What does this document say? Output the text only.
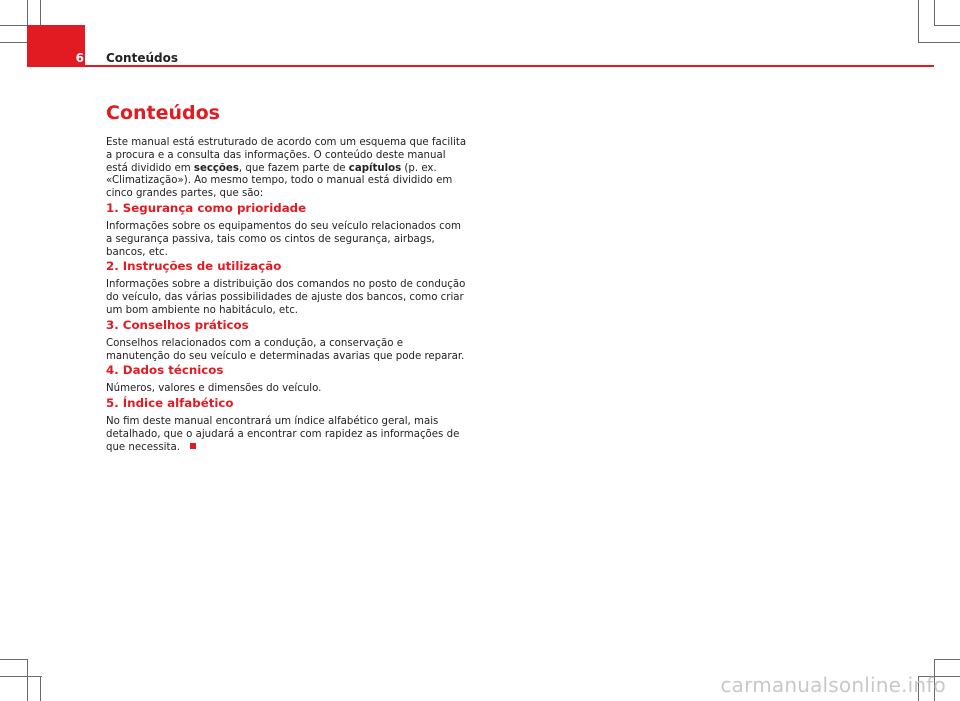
6 Conteúdos
Conteúdos

Este manual está estruturado de acordo com um esquema que facilita a procura e a consulta das informações. O conteúdo deste manual está dividido em secções, que fazem parte de capítulos (p. ex. «Climatização»). Ao mesmo tempo, todo o manual está dividido em cinco grandes partes, que são:

1. Segurança como prioridade

Informações sobre os equipamentos do seu veículo relacionados com a segurança passiva, tais como os cintos de segurança, airbags, bancos, etc.

2. Instruções de utilização

Informações sobre a distribuição dos comandos no posto de condução do veículo, das várias possibilidades de ajuste dos bancos, como criar um bom ambiente no habitáculo, etc.

3. Conselhos práticos

Conselhos relacionados com a condução, a conservação e manutenção do seu veículo e determinadas avarias que pode reparar.

4. Dados técnicos

Números, valores e dimensões do veículo.

5. Índice alfabético

No fim deste manual encontrará um índice alfabético geral, mais detalhado, que o ajudará a encontrar com rapidez as informações de que necessita.

carmanualsonline.info
